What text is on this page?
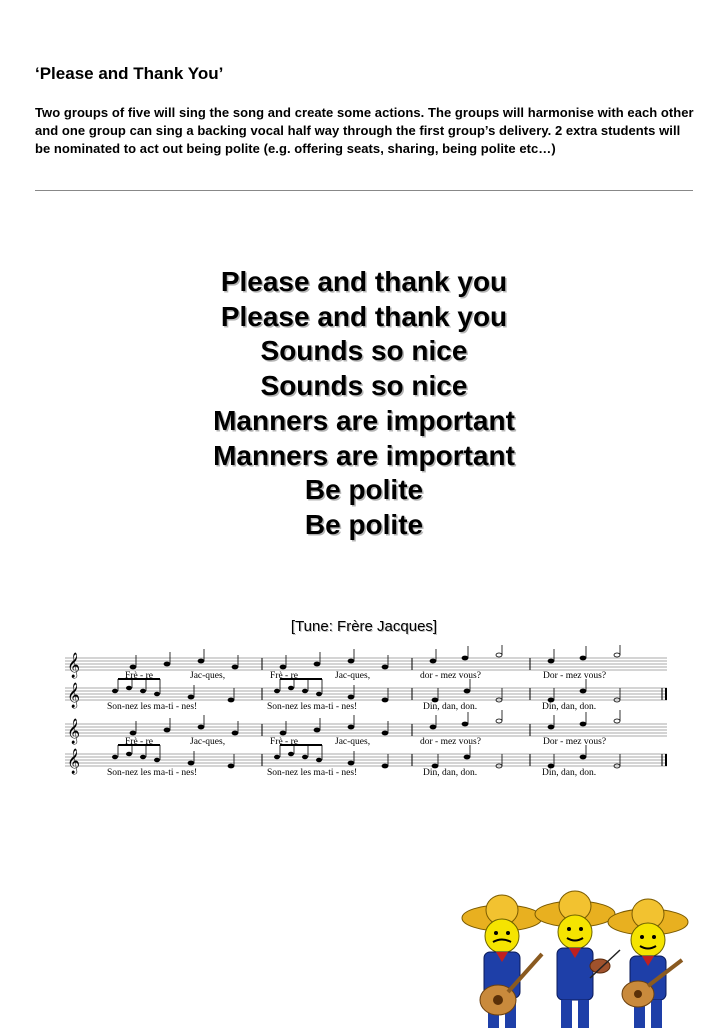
‘Please and Thank You’

Two groups of five will sing the song and create some actions. The groups will harmonise with each other and one group can sing a backing vocal half way through the first group’s delivery. 2 extra students will be nominated to act out being polite (e.g. offering seats, sharing, being polite etc…)

Please and thank you
Please and thank you
Sounds so nice
Sounds so nice
Manners are important
Manners are important
Be polite
Be polite
[Tune: Frère Jacques]
𝄞
𝄞
𝄞
𝄞
Frè - re	Jac-ques,	Frè - re	Jac-ques,	dor - mez vous?	Dor - mez vous?
Son-nez les ma-ti - nes!	Son-nez les ma-ti - nes!	Din, dan, don.	Din, dan, don.
Frè - re	Jac-ques,	Frè - re	Jac-ques,	dor - mez vous?	Dor - mez vous?
Son-nez les ma-ti - nes!	Son-nez les ma-ti - nes!	Din, dan, don.	Din, dan, don.
